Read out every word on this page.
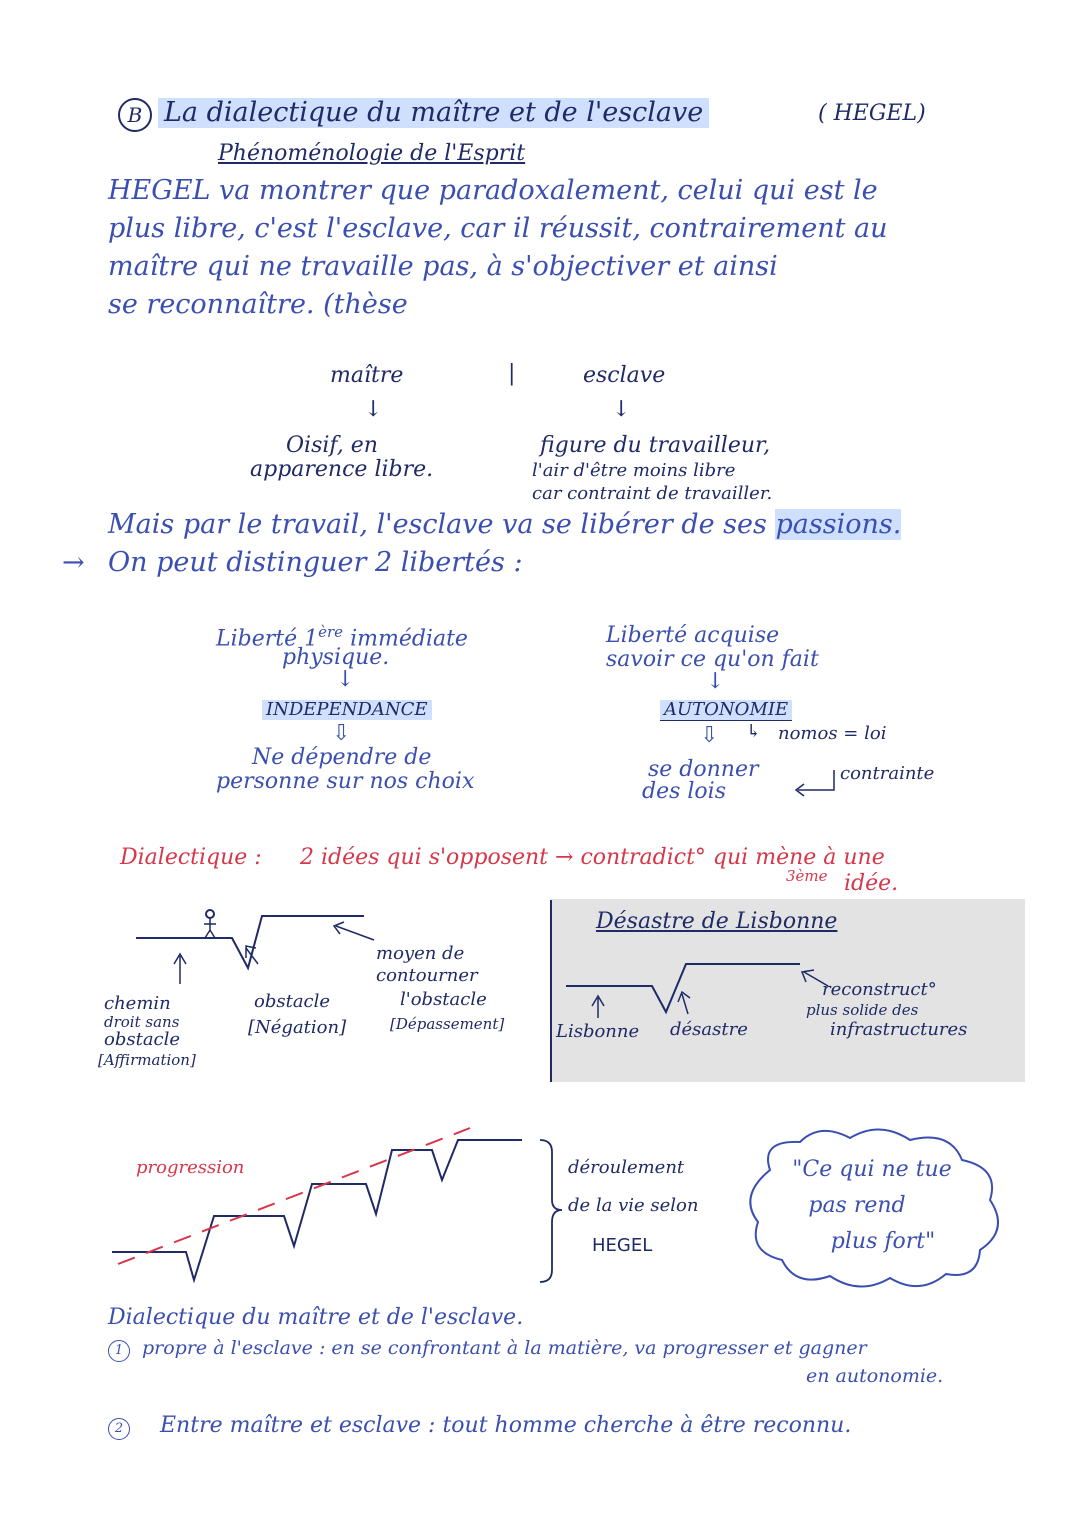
B La dialectique du maître et de l'esclave	( HEGEL)
Phénoménologie de l'Esprit
HEGEL va montrer que paradoxalement, celui qui est le
plus libre, c'est l'esclave, car il réussit, contrairement au
maître qui ne travaille pas, à s'objectiver et ainsi
se reconnaître. (thèse
maître	|	esclave
↓	↓
Oisif, en
apparence libre.
figure du travailleur,
l'air d'être moins libre
car contraint de travailler.
Mais par le travail, l'esclave va se libérer de ses passions.
→ On peut distinguer 2 libertés :
Liberté 1ère immédiate
physique.
↓
INDEPENDANCE
⇩
Ne dépendre de
personne sur nos choix
Liberté acquise
savoir ce qu'on fait
↓
AUTONOMIE
↳ nomos = loi
⇩
se donner
des lois
contrainte
Dialectique : 2 idées qui s'opposent → contradict° qui mène à une
3ème idée.
chemin
droit sans
obstacle
[Affirmation]
obstacle
[Négation]
moyen de
contourner
l'obstacle
[Dépassement]
Désastre de Lisbonne
Lisbonne désastre
reconstruct°
plus solide des
infrastructures
progression	déroulement
de la vie selon
HEGEL
"Ce qui ne tue
pas rend
plus fort"
Dialectique du maître et de l'esclave.
1 propre à l'esclave : en se confrontant à la matière, va progresser et gagner
en autonomie.
2	Entre maître et esclave : tout homme cherche à être reconnu.
